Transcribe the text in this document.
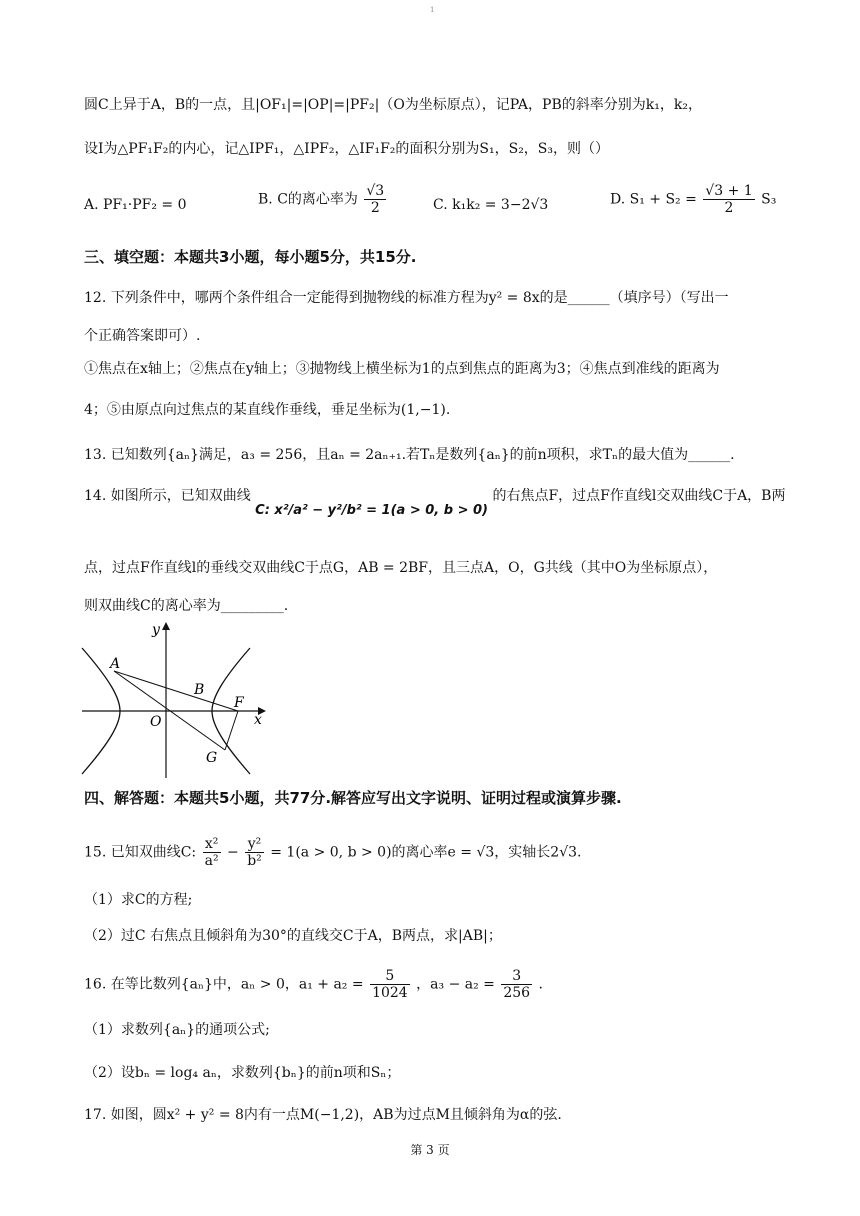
1
圆C上异于A，B的一点，且|OF₁|=|OP|=|PF₂|（O为坐标原点），记PA，PB的斜率分别为k₁，k₂，
设I为△PF₁F₂的内心，记△IPF₁，△IPF₂，△IF₁F₂的面积分别为S₁，S₂，S₃，则（）
A. PF₁·PF₂ = 0	B. C的离心率为 $\frac{√3}{2}$	C. k₁k₂ = 3−2√3	D. $S_1 + S_2 = \frac{√3 + 1}{2} S_3$
三、填空题：本题共3小题，每小题5分，共15分.
12. 下列条件中，哪两个条件组合一定能得到抛物线的标准方程为y² = 8x的是______（填序号）（写出一
个正确答案即可）.
①焦点在x轴上；②焦点在y轴上；③抛物线上横坐标为1的点到焦点的距离为3；④焦点到准线的距离为
4；⑤由原点向过焦点的某直线作垂线，垂足坐标为(1,−1).
13. 已知数列{aₙ}满足，a₃ = 256，且aₙ = 2aₙ₊₁.若Tₙ是数列{aₙ}的前n项积，求Tₙ的最大值为______.
14. 如图所示，已知双曲线 C: x²/a² − y²/b² = 1(a > 0, b > 0) 的右焦点F，过点F作直线l交双曲线C于A，B两
点，过点F作直线l的垂线交双曲线C于点G，AB = 2BF，且三点A，O，G共线（其中O为坐标原点），
则双曲线C的离心率为_________.
y
x
A
B
F
O
G
四、解答题：本题共5小题，共77分.解答应写出文字说明、证明过程或演算步骤.
15. 已知双曲线C: $\frac{\text{x²}}{\text{a²}} - \frac{\text{y²}}{\text{b²}} = 1(a > 0$, b > 0)的离心率e = √3，实轴长2√3.
（1）求C的方程;
（2）过C 右焦点且倾斜角为30°的直线交C于A，B两点，求|AB|；
16. 在等比数列{aₙ}中，aₙ > 0，$a_1 + a_2 = \frac{5}{1024}$ ，$a_3 - a_2 = \frac{3}{256}$ .
（1）求数列{aₙ}的通项公式;
（2）设bₙ = log₄ aₙ，求数列{bₙ}的前n项和Sₙ；
17. 如图，圆x² + y² = 8内有一点M(−1,2)，AB为过点M且倾斜角为α的弦.
第 3 页
